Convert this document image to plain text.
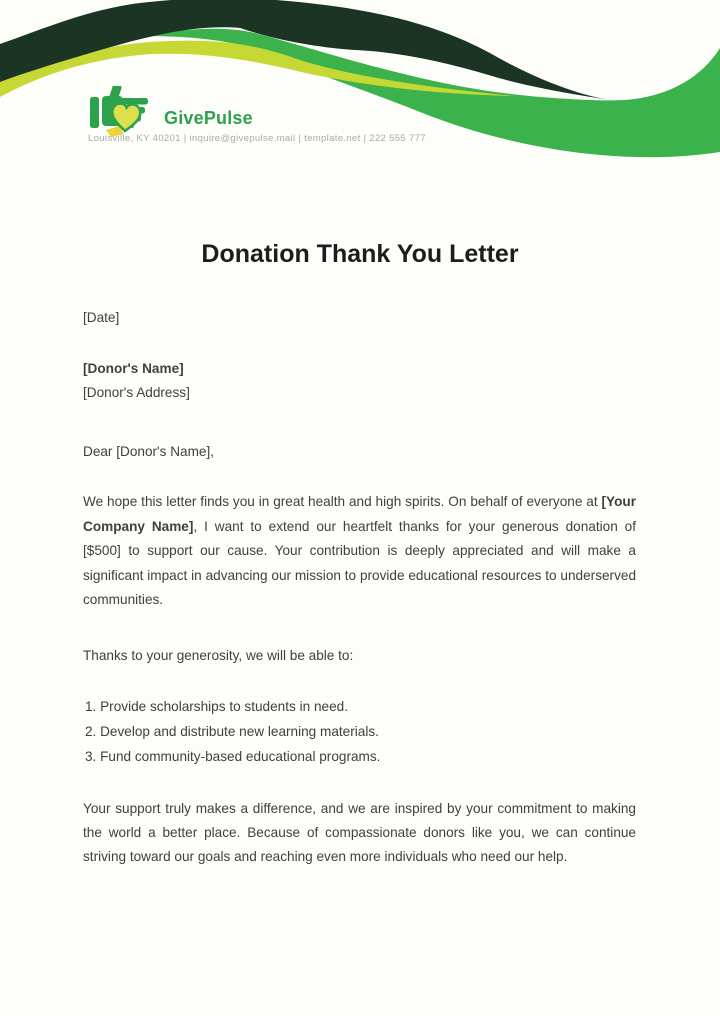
GivePulse
Louisville, KY 40201 | inquire@givepulse.mail | template.net | 222 555 777
Donation Thank You Letter
[Date]
[Donor's Name]
[Donor's Address]
Dear [Donor's Name],
We hope this letter finds you in great health and high spirits. On behalf of everyone at [Your Company Name], I want to extend our heartfelt thanks for your generous donation of [$500] to support our cause. Your contribution is deeply appreciated and will make a significant impact in advancing our mission to provide educational resources to underserved communities.
Thanks to your generosity, we will be able to:
1. Provide scholarships to students in need.
2. Develop and distribute new learning materials.
3. Fund community-based educational programs.
Your support truly makes a difference, and we are inspired by your commitment to making the world a better place. Because of compassionate donors like you, we can continue striving toward our goals and reaching even more individuals who need our help.
